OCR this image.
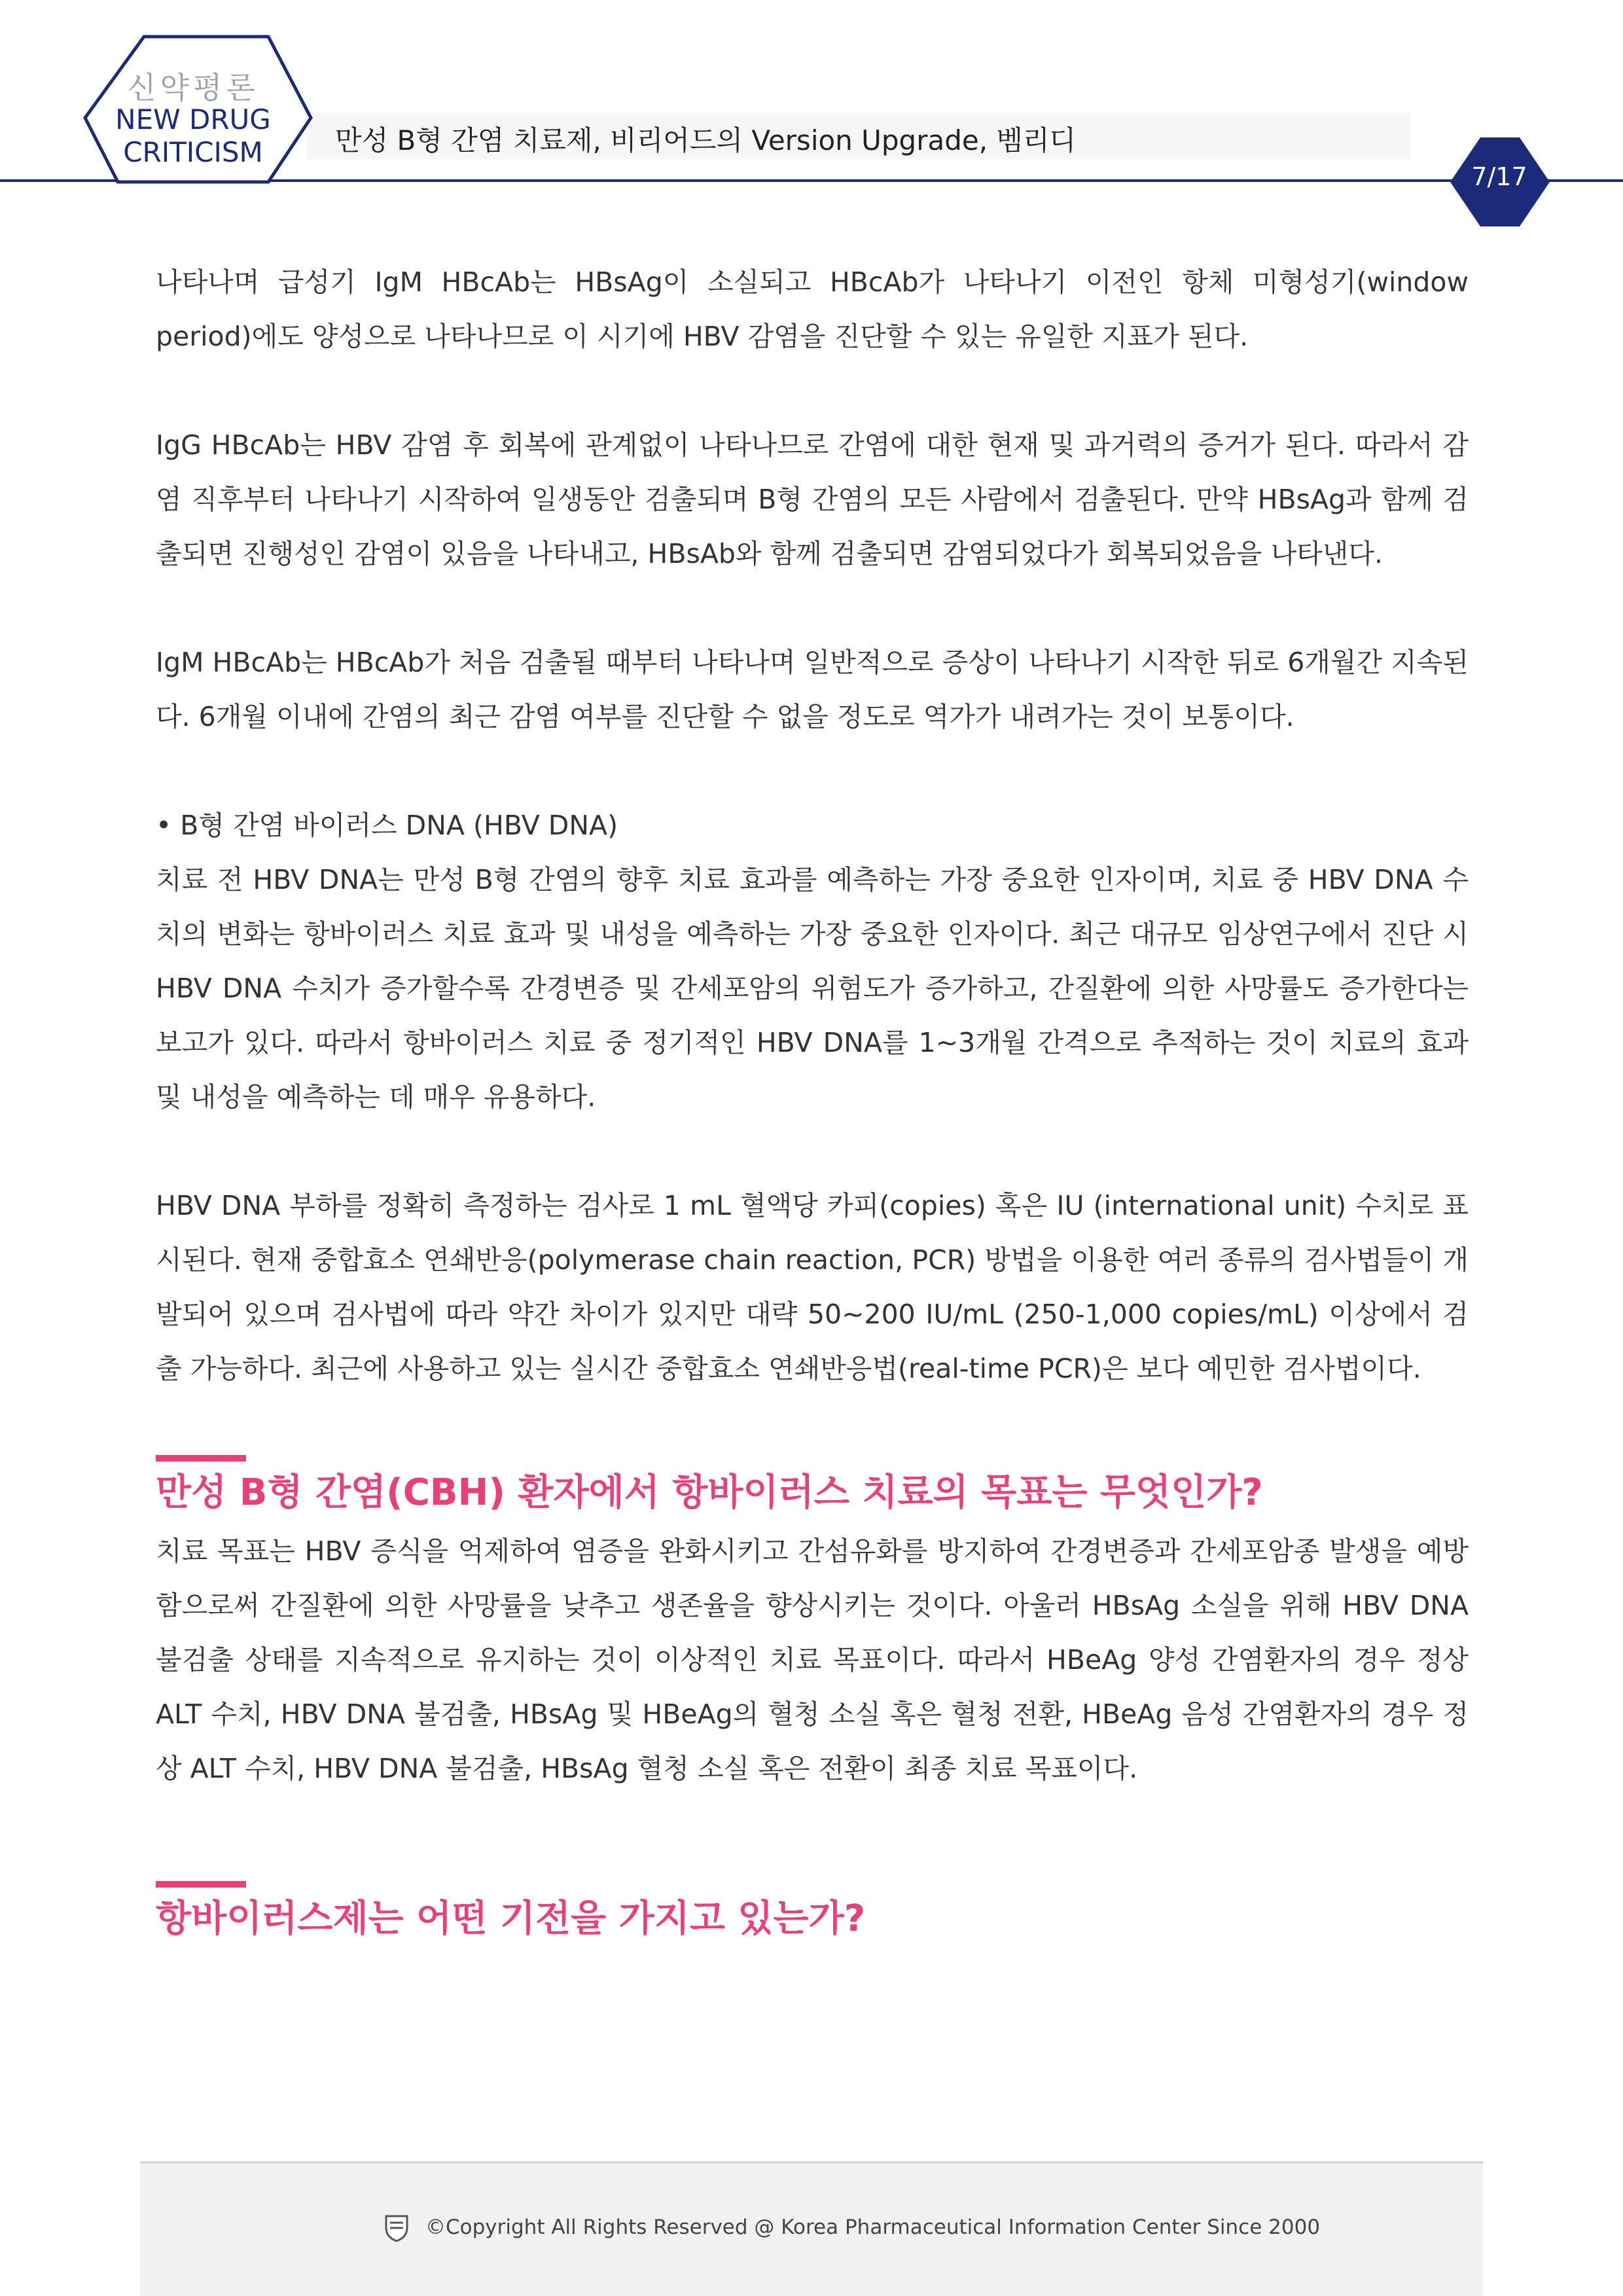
신약평론
NEW DRUG
CRITICISM	만성 B형 간염 치료제, 비리어드의 Version Upgrade, 벰리디
7/17

나타나며 급성기 IgM HBcAb는 HBsAg이 소실되고 HBcAb가 나타나기 이전인 항체 미형성기(window period)에도 양성으로 나타나므로 이 시기에 HBV 감염을 진단할 수 있는 유일한 지표가 된다.

IgG HBcAb는 HBV 감염 후 회복에 관계없이 나타나므로 간염에 대한 현재 및 과거력의 증거가 된다. 따라서 감염 직후부터 나타나기 시작하여 일생동안 검출되며 B형 간염의 모든 사람에서 검출된다. 만약 HBsAg과 함께 검출되면 진행성인 감염이 있음을 나타내고, HBsAb와 함께 검출되면 감염되었다가 회복되었음을 나타낸다.

IgM HBcAb는 HBcAb가 처음 검출될 때부터 나타나며 일반적으로 증상이 나타나기 시작한 뒤로 6개월간 지속된다. 6개월 이내에 간염의 최근 감염 여부를 진단할 수 없을 정도로 역가가 내려가는 것이 보통이다.

• B형 간염 바이러스 DNA (HBV DNA)

치료 전 HBV DNA는 만성 B형 간염의 향후 치료 효과를 예측하는 가장 중요한 인자이며, 치료 중 HBV DNA 수치의 변화는 항바이러스 치료 효과 및 내성을 예측하는 가장 중요한 인자이다. 최근 대규모 임상연구에서 진단 시 HBV DNA 수치가 증가할수록 간경변증 및 간세포암의 위험도가 증가하고, 간질환에 의한 사망률도 증가한다는 보고가 있다. 따라서 항바이러스 치료 중 정기적인 HBV DNA를 1~3개월 간격으로 추적하는 것이 치료의 효과 및 내성을 예측하는 데 매우 유용하다.

HBV DNA 부하를 정확히 측정하는 검사로 1 mL 혈액당 카피(copies) 혹은 IU (international unit) 수치로 표시된다. 현재 중합효소 연쇄반응(polymerase chain reaction, PCR) 방법을 이용한 여러 종류의 검사법들이 개발되어 있으며 검사법에 따라 약간 차이가 있지만 대략 50~200 IU/mL (250-1,000 copies/mL) 이상에서 검출 가능하다. 최근에 사용하고 있는 실시간 중합효소 연쇄반응법(real-time PCR)은 보다 예민한 검사법이다.

만성 B형 간염(CBH) 환자에서 항바이러스 치료의 목표는 무엇인가?

치료 목표는 HBV 증식을 억제하여 염증을 완화시키고 간섬유화를 방지하여 간경변증과 간세포암종 발생을 예방함으로써 간질환에 의한 사망률을 낮추고 생존율을 향상시키는 것이다. 아울러 HBsAg 소실을 위해 HBV DNA 불검출 상태를 지속적으로 유지하는 것이 이상적인 치료 목표이다. 따라서 HBeAg 양성 간염환자의 경우 정상 ALT 수치, HBV DNA 불검출, HBsAg 및 HBeAg의 혈청 소실 혹은 혈청 전환, HBeAg 음성 간염환자의 경우 정상 ALT 수치, HBV DNA 불검출, HBsAg 혈청 소실 혹은 전환이 최종 치료 목표이다.

항바이러스제는 어떤 기전을 가지고 있는가?
©Copyright All Rights Reserved @ Korea Pharmaceutical Information Center Since 2000
